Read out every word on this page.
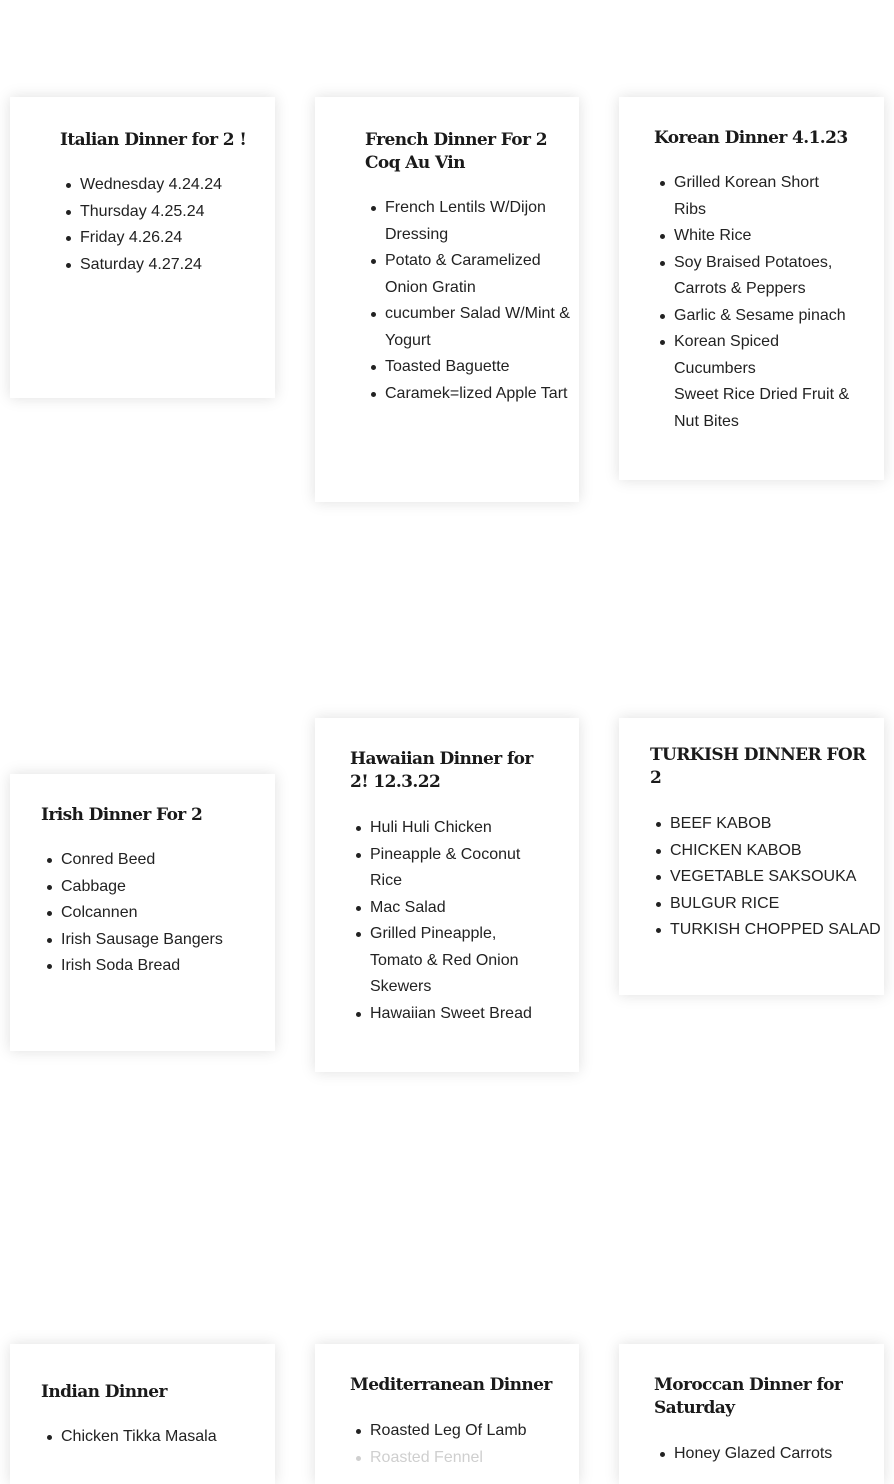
Italian Dinner for 2 !
Wednesday 4.24.24
Thursday 4.25.24
Friday 4.26.24
Saturday 4.27.24
French Dinner For 2 Coq Au Vin
French Lentils W/Dijon Dressing
Potato & Caramelized Onion Gratin
cucumber Salad W/Mint & Yogurt
Toasted Baguette
Caramek=lized Apple Tart
Korean Dinner 4.1.23
Grilled Korean Short Ribs
White Rice
Soy Braised Potatoes, Carrots & Peppers
Garlic & Sesame pinach
Korean Spiced Cucumbers
Sweet Rice Dried Fruit & Nut Bites
Irish Dinner For 2
Conred Beed
Cabbage
Colcannen
Irish Sausage Bangers
Irish Soda Bread
Hawaiian Dinner for 2! 12.3.22
Huli Huli Chicken
Pineapple & Coconut Rice
Mac Salad
Grilled Pineapple, Tomato & Red Onion Skewers
Hawaiian Sweet Bread
TURKISH DINNER FOR 2
BEEF KABOB
CHICKEN KABOB
VEGETABLE SAKSOUKA
BULGUR RICE
TURKISH CHOPPED SALAD
Indian Dinner
Chicken Tikka Masala
Mediterranean Dinner
Roasted Leg Of Lamb
Roasted Fennel
Moroccan Dinner for Saturday
Honey Glazed Carrots
